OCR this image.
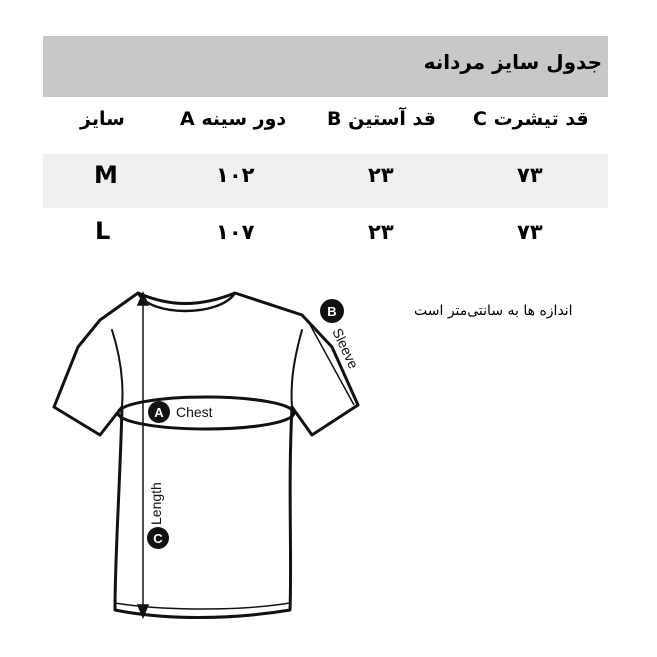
جدول سایز مردانه
سایز	A دور سینه B قد آستین C قد تیشرت
M	۱۰۲	۲۳	۷۳
L	۱۰۷	۲۳	۷۳
اندازه ها به سانتی‌متر است
A Chest
B
Sleeve
Length
C
